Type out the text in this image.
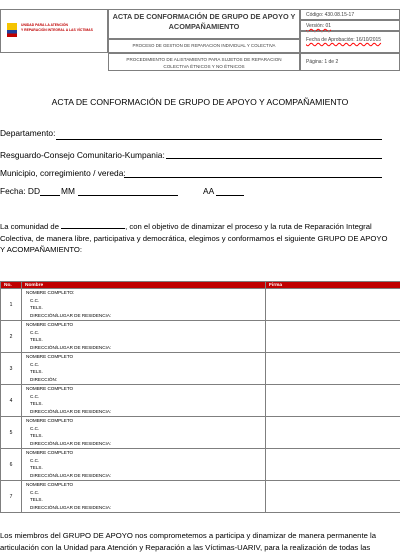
UNIDAD PARA LA ATENCIÓN
Y REPARACIÓN INTEGRAL A LAS VÍCTIMAS
ACTA DE CONFORMACIÓN DE GRUPO DE APOYO Y
ACOMPAÑAMIENTO
PROCESO DE GESTION DE REPARACION INDIVIDUAL Y COLECTIVA
PROCEDIMIENTO DE ALISTAMIENTO PARA SUJETOS DE REPARACION
COLECTIVA ÉTNICOS Y NO ÉTNICOS
Código: 430.08.15-17
Versión: 01
Fecha de Aprobación: 16/10/2015
Página: 1 de 2
ACTA DE CONFORMACIÓN DE GRUPO DE APOYO Y ACOMPAÑAMIENTO
Departamento:
Resguardo-Consejo Comunitario-Kumpania:
Municipio, corregimiento / vereda:
Fecha: DD MM	AA
La comunidad de	, con el objetivo de dinamizar el proceso y la ruta de Reparación Integral
Colectiva, de manera libre, participativa y democrática, elegimos y conformamos el siguiente GRUPO DE APOYO
Y ACOMPAÑAMIENTO:
No.	Nombre	Firma
1	NOMBRE COMPLETO:
C.C.
TELS.
DIRECCIÓN/LUGAR DE RESIDENCIA:	

2	NOMBRE COMPLETO
C.C.
TELS.
DIRECCIÓN/LUGAR DE RESIDENCIA:	

3	NOMBRE COMPLETO
C.C.
TELS.
DIRECCIÓN:	

4	NOMBRE COMPLETO
C.C.
TELS.
DIRECCIÓN/LUGAR DE RESIDENCIA:	

5	NOMBRE COMPLETO
C.C.
TELS.
DIRECCIÓN/LUGAR DE RESIDENCIA:	

6	NOMBRE COMPLETO
C.C.
TELS.
DIRECCIÓN/LUGAR DE RESIDENCIA:	

7	NOMBRE COMPLETO
C.C.
TELS.
DIRECCIÓN/LUGAR DE RESIDENCIA:	

Los miembros del GRUPO DE APOYO nos comprometemos a participa y dinamizar de manera permanente la
articulación con la Unidad para Atención y Reparación a las Víctimas-UARIV, para la realización de todas las
